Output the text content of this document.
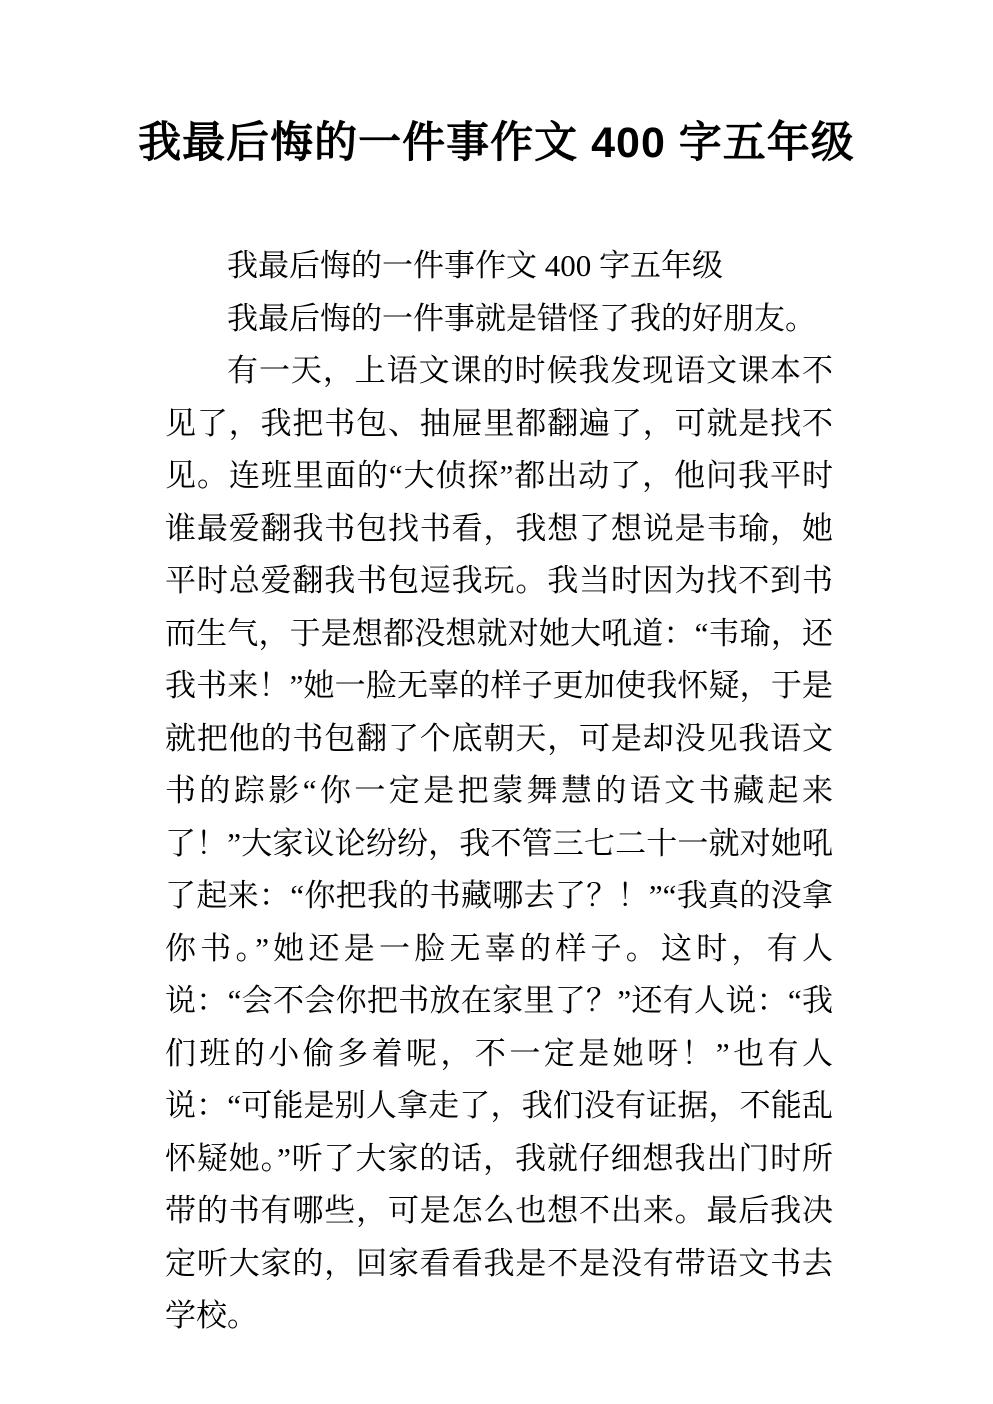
我最后悔的一件事作文 400 字五年级

我最后悔的一件事作文 400 字五年级

我最后悔的一件事就是错怪了我的好朋友。

有一天，上语文课的时候我发现语文课本不见了，我把书包、抽屉里都翻遍了，可就是找不见。连班里面的“大侦探”都出动了，他问我平时谁最爱翻我书包找书看，我想了想说是韦瑜，她平时总爱翻我书包逗我玩。我当时因为找不到书而生气，于是想都没想就对她大吼道：“韦瑜，还我书来！”她一脸无辜的样子更加使我怀疑，于是就把他的书包翻了个底朝天，可是却没见我语文书的踪影“你一定是把蒙舞慧的语文书藏起来了！”大家议论纷纷，我不管三七二十一就对她吼了起来：“你把我的书藏哪去了？！”“我真的没拿你书。”她还是一脸无辜的样子。这时，有人说：“会不会你把书放在家里了？”还有人说：“我们班的小偷多着呢，不一定是她呀！”也有人说：“可能是别人拿走了，我们没有证据，不能乱怀疑她。”听了大家的话，我就仔细想我出门时所带的书有哪些，可是怎么也想不出来。最后我决定听大家的，回家看看我是不是没有带语文书去学校。
